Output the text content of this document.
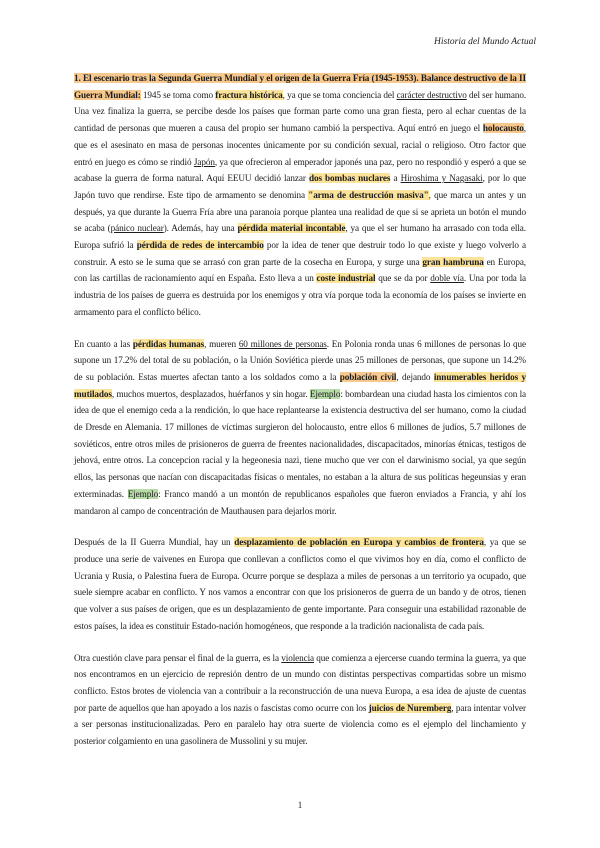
Historia del Mundo Actual

1. El escenario tras la Segunda Guerra Mundial y el origen de la Guerra Fría (1945-1953). Balance destructivo de la II Guerra Mundial: 1945 se toma como fractura histórica, ya que se toma conciencia del carácter destructivo del ser humano. Una vez finaliza la guerra, se percibe desde los países que forman parte como una gran fiesta, pero al echar cuentas de la cantidad de personas que mueren a causa del propio ser humano cambió la perspectiva. Aquí entró en juego el holocausto, que es el asesinato en masa de personas inocentes únicamente por su condición sexual, racial o religioso. Otro factor que entró en juego es cómo se rindió Japón, ya que ofrecieron al emperador japonés una paz, pero no respondió y esperó a que se acabase la guerra de forma natural. Aquí EEUU decidió lanzar dos bombas nuclares a Hiroshima y Nagasaki, por lo que Japón tuvo que rendirse. Este tipo de armamento se denomina "arma de destrucción masiva", que marca un antes y un después, ya que durante la Guerra Fría abre una paranoia porque plantea una realidad de que si se aprieta un botón el mundo se acaba (pánico nuclear). Además, hay una pérdida material incontable, ya que el ser humano ha arrasado con toda ella. Europa sufrió la pérdida de redes de intercambio por la idea de tener que destruir todo lo que existe y luego volverlo a construir. A esto se le suma que se arrasó con gran parte de la cosecha en Europa, y surge una gran hambruna en Europa, con las cartillas de racionamiento aquí en España. Esto lleva a un coste industrial que se da por doble vía. Una por toda la industria de los países de guerra es destruida por los enemigos y otra vía porque toda la economía de los países se invierte en armamento para el conflicto bélico.

En cuanto a las pérdidas humanas, mueren 60 millones de personas. En Polonia ronda unas 6 millones de personas lo que supone un 17.2% del total de su población, o la Unión Soviética pierde unas 25 millones de personas, que supone un 14.2% de su población. Estas muertes afectan tanto a los soldados como a la población civil, dejando innumerables heridos y mutilados, muchos muertos, desplazados, huérfanos y sin hogar. Ejemplo: bombardean una ciudad hasta los cimientos con la idea de que el enemigo ceda a la rendición, lo que hace replantearse la existencia destructiva del ser humano, como la ciudad de Dresde en Alemania. 17 millones de víctimas surgieron del holocausto, entre ellos 6 millones de judíos, 5.7 millones de soviéticos, entre otros miles de prisioneros de guerra de freentes nacionalidades, discapacitados, minorías étnicas, testigos de jehová, entre otros. La concepcion racial y la hegeonesia nazi, tiene mucho que ver con el darwinismo social, ya que según ellos, las personas que nacían con discapacitadas físicas o mentales, no estaban a la altura de sus políticas hegeunsias y eran exterminadas. Ejemplo: Franco mandó a un montón de republicanos españoles que fueron enviados a Francia, y ahí los mandaron al campo de concentración de Mauthausen para dejarlos morir.

Después de la II Guerra Mundial, hay un desplazamiento de población en Europa y cambios de frontera, ya que se produce una serie de vaivenes en Europa que conllevan a conflictos como el que vivimos hoy en día, como el conflicto de Ucrania y Rusia, o Palestina fuera de Europa. Ocurre porque se desplaza a miles de personas a un territorio ya ocupado, que suele siempre acabar en conflicto. Y nos vamos a encontrar con que los prisioneros de guerra de un bando y de otros, tienen que volver a sus países de origen, que es un desplazamiento de gente importante. Para conseguir una estabilidad razonable de estos países, la idea es constituir Estado-nación homogéneos, que responde a la tradición nacionalista de cada país.

Otra cuestión clave para pensar el final de la guerra, es la violencia que comienza a ejercerse cuando termina la guerra, ya que nos encontramos en un ejercicio de represión dentro de un mundo con distintas perspectivas compartidas sobre un mismo conflicto. Estos brotes de violencia van a contribuir a la reconstrucción de una nueva Europa, a esa idea de ajuste de cuentas por parte de aquellos que han apoyado a los nazis o fascistas como ocurre con los juicios de Nuremberg, para intentar volver a ser personas institucionalizadas. Pero en paralelo hay otra suerte de violencia como es el ejemplo del linchamiento y posterior colgamiento en una gasolinera de Mussolini y su mujer.

1
